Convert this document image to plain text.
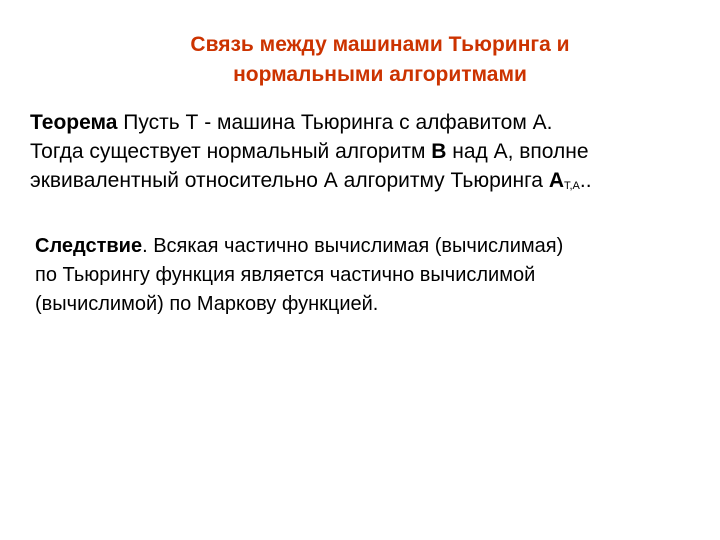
Связь между машинами Тьюринга и
нормальными алгоритмами
Теорема Пусть Т - машина Тьюринга с алфавитом А.
Тогда существует нормальный алгоритм В над А, вполне
эквивалентный относительно А алгоритму Тьюринга $А_{Т,А}$..
Следствие. Всякая частично вычислимая (вычислимая)
по Тьюрингу функция является частично вычислимой
(вычислимой) по Маркову функцией.
